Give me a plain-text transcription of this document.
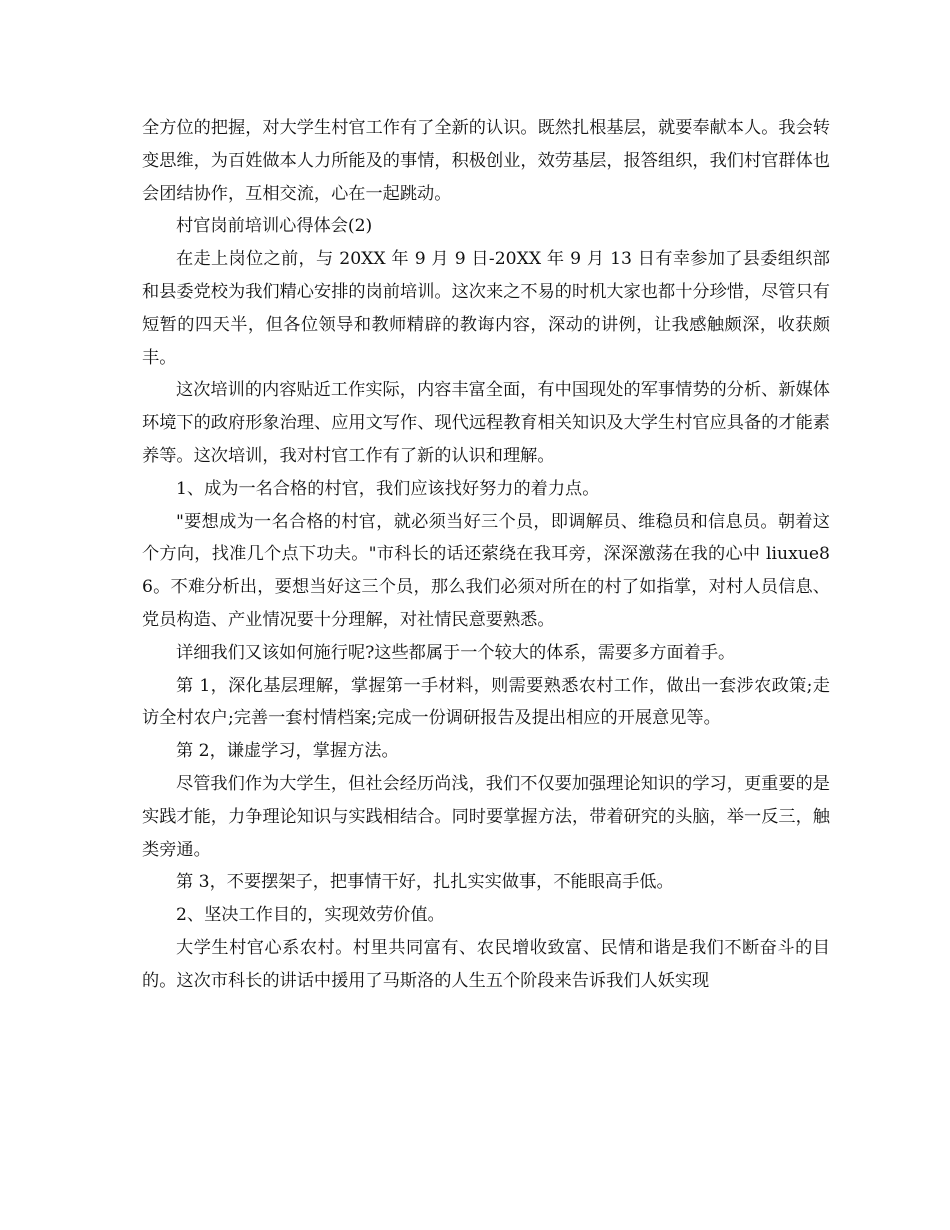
全方位的把握，对大学生村官工作有了全新的认识。既然扎根基层，就要奉献本人。我会转变思维，为百姓做本人力所能及的事情，积极创业，效劳基层，报答组织，我们村官群体也会团结协作，互相交流，心在一起跳动。

村官岗前培训心得体会(2)

在走上岗位之前，与 20XX 年 9 月 9 日-20XX 年 9 月 13 日有幸参加了县委组织部和县委党校为我们精心安排的岗前培训。这次来之不易的时机大家也都十分珍惜，尽管只有短暂的四天半，但各位领导和教师精辟的教诲内容，深动的讲例，让我感触颇深，收获颇丰。

这次培训的内容贴近工作实际，内容丰富全面，有中国现处的军事情势的分析、新媒体环境下的政府形象治理、应用文写作、现代远程教育相关知识及大学生村官应具备的才能素养等。这次培训，我对村官工作有了新的认识和理解。

1、成为一名合格的村官，我们应该找好努力的着力点。

"要想成为一名合格的村官，就必须当好三个员，即调解员、维稳员和信息员。朝着这个方向，找准几个点下功夫。"市科长的话还萦绕在我耳旁，深深激荡在我的心中 liuxue86。不难分析出，要想当好这三个员，那么我们必须对所在的村了如指掌，对村人员信息、党员构造、产业情况要十分理解，对社情民意要熟悉。

详细我们又该如何施行呢?这些都属于一个较大的体系，需要多方面着手。

第 1，深化基层理解，掌握第一手材料，则需要熟悉农村工作，做出一套涉农政策;走访全村农户;完善一套村情档案;完成一份调研报告及提出相应的开展意见等。

第 2，谦虚学习，掌握方法。

尽管我们作为大学生，但社会经历尚浅，我们不仅要加强理论知识的学习，更重要的是实践才能，力争理论知识与实践相结合。同时要掌握方法，带着研究的头脑，举一反三，触类旁通。

第 3，不要摆架子，把事情干好，扎扎实实做事，不能眼高手低。

2、坚决工作目的，实现效劳价值。

大学生村官心系农村。村里共同富有、农民增收致富、民情和谐是我们不断奋斗的目的。这次市科长的讲话中援用了马斯洛的人生五个阶段来告诉我们人妖实现
